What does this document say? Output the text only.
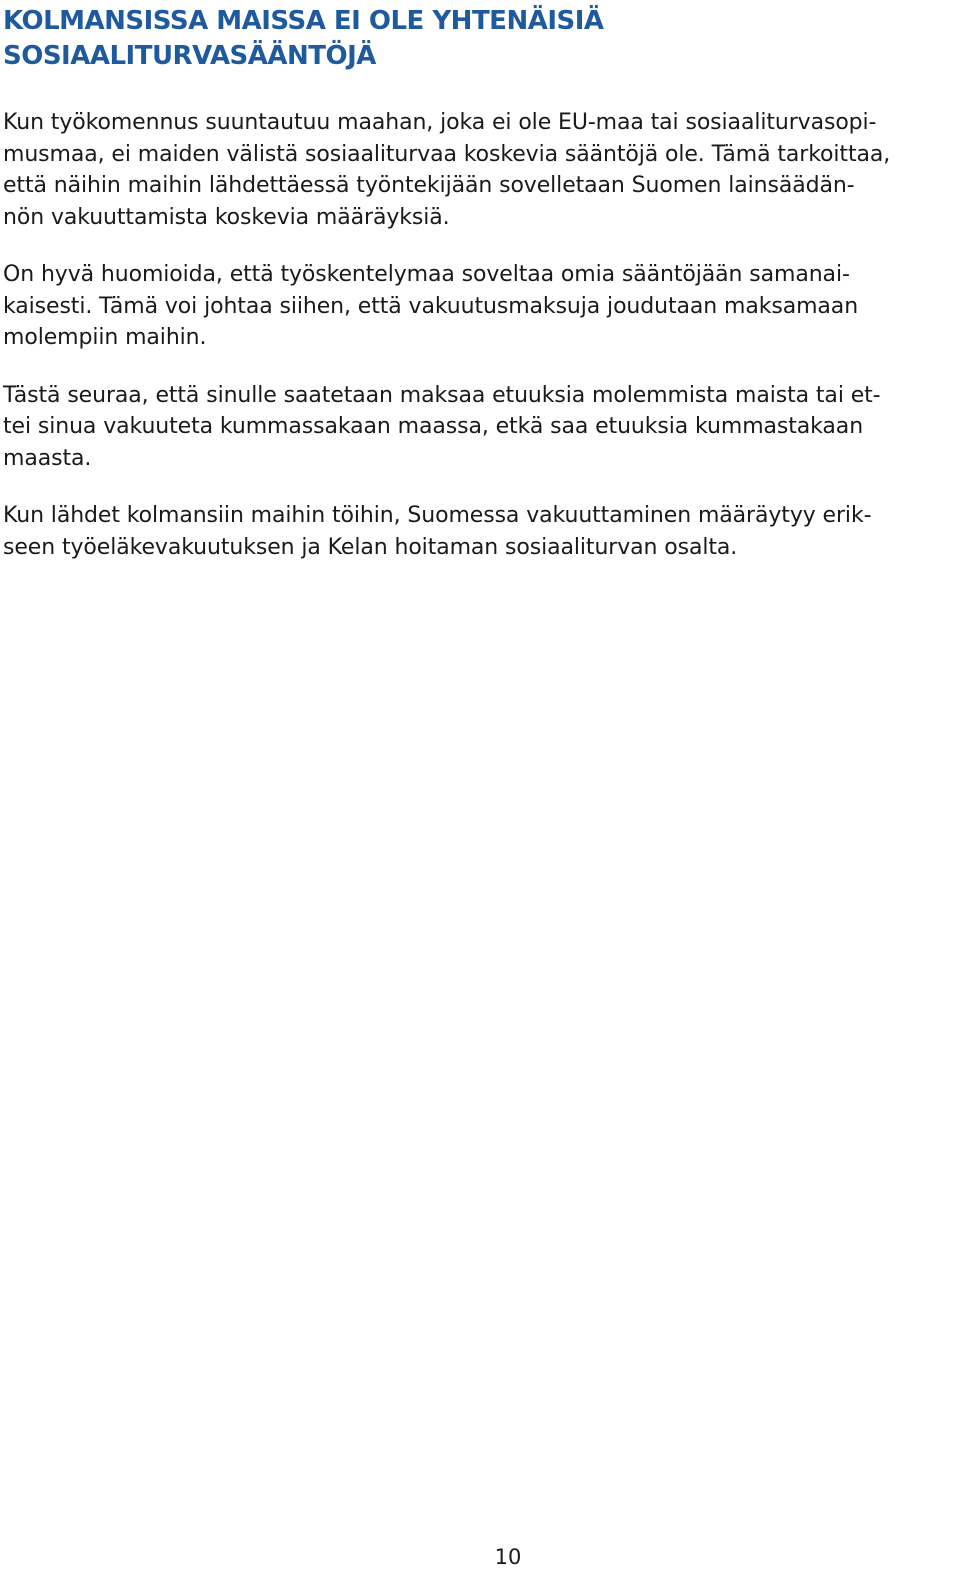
KOLMANSISSA MAISSA EI OLE YHTENÄISIÄ
SOSIAALITURVASÄÄNTÖJÄ

Kun työkomennus suuntautuu maahan, joka ei ole EU-maa tai sosiaaliturvasopi-
musmaa, ei maiden välistä sosiaaliturvaa koskevia sääntöjä ole. Tämä tarkoittaa,
että näihin maihin lähdettäessä työntekijään sovelletaan Suomen lainsäädän-
nön vakuuttamista koskevia määräyksiä.

On hyvä huomioida, että työskentelymaa soveltaa omia sääntöjään samanai-
kaisesti. Tämä voi johtaa siihen, että vakuutusmaksuja joudutaan maksamaan
molempiin maihin.

Tästä seuraa, että sinulle saatetaan maksaa etuuksia molemmista maista tai et-
tei sinua vakuuteta kummassakaan maassa, etkä saa etuuksia kummastakaan
maasta.

Kun lähdet kolmansiin maihin töihin, Suomessa vakuuttaminen määräytyy erik-
seen työeläkevakuutuksen ja Kelan hoitaman sosiaaliturvan osalta.

10
